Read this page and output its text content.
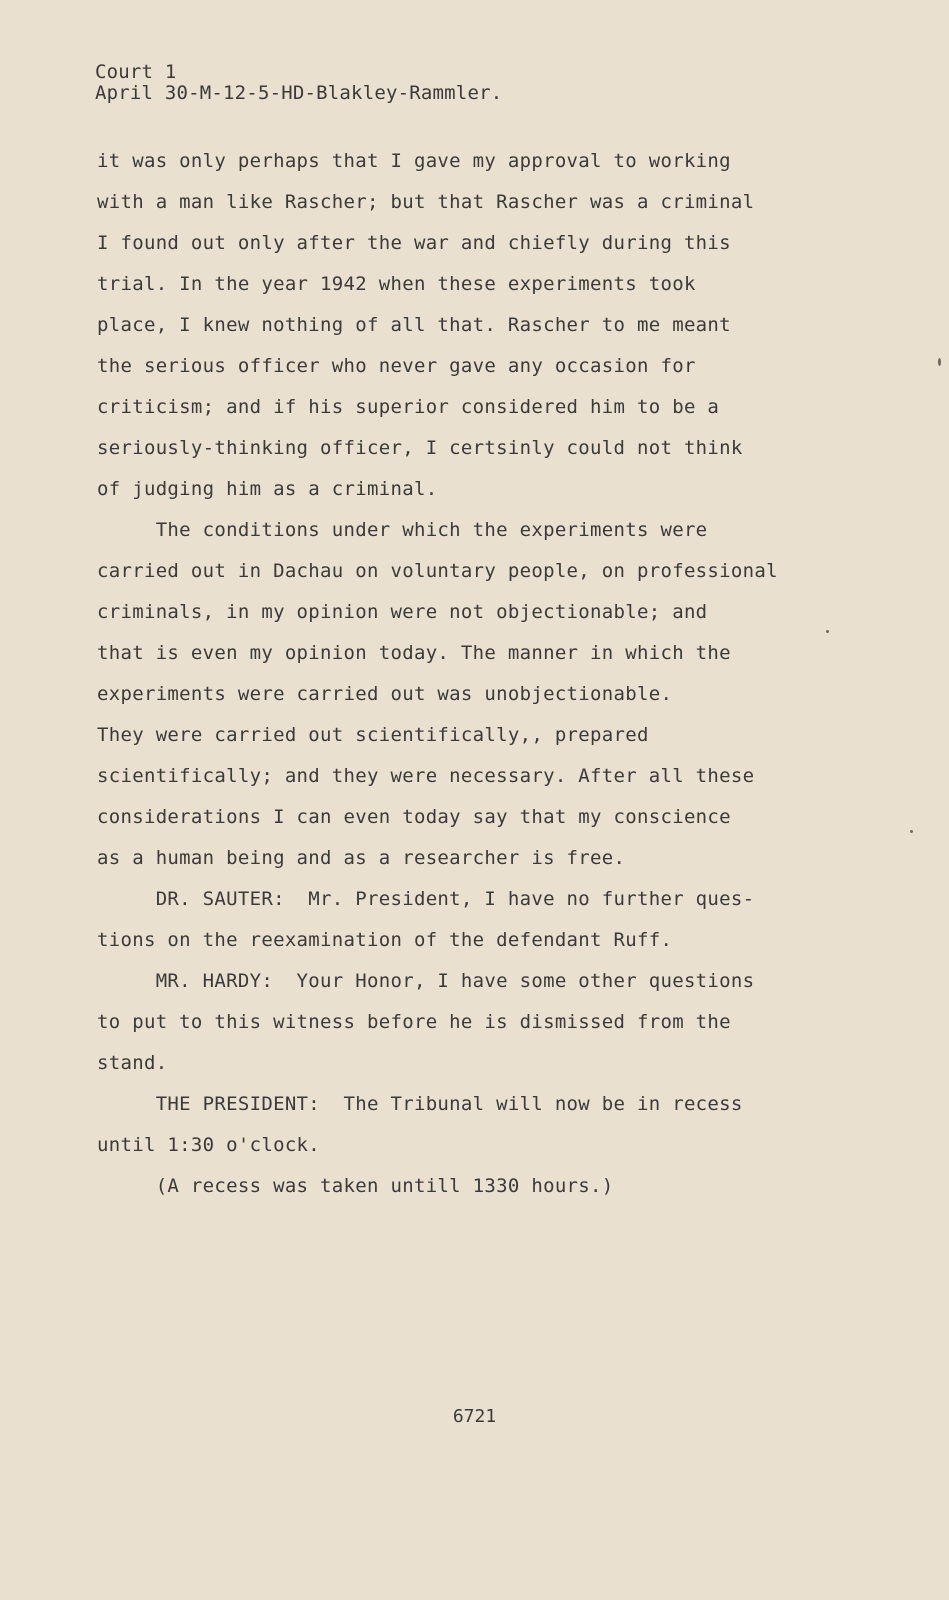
Court 1
April 30-M-12-5-HD-Blakley-Rammler.
it was only perhaps that I gave my approval to working
with a man like Rascher; but that Rascher was a criminal
I found out only after the war and chiefly during this
trial. In the year 1942 when these experiments took
place, I knew nothing of all that. Rascher to me meant
the serious officer who never gave any occasion for
criticism; and if his superior considered him to be a
seriously-thinking officer, I certsinly could not think
of judging him as a criminal.
The conditions under which the experiments were
carried out in Dachau on voluntary people, on professional
criminals, in my opinion were not objectionable; and
that is even my opinion today. The manner in which the
experiments were carried out was unobjectionable.
They were carried out scientifically,, prepared
scientifically; and they were necessary. After all these
considerations I can even today say that my conscience
as a human being and as a researcher is free.
DR. SAUTER:  Mr. President, I have no further ques-
tions on the reexamination of the defendant Ruff.
MR. HARDY:  Your Honor, I have some other questions
to put to this witness before he is dismissed from the
stand.
THE PRESIDENT:  The Tribunal will now be in recess
until 1:30 o'clock.
(A recess was taken untill 1330 hours.)
6721
